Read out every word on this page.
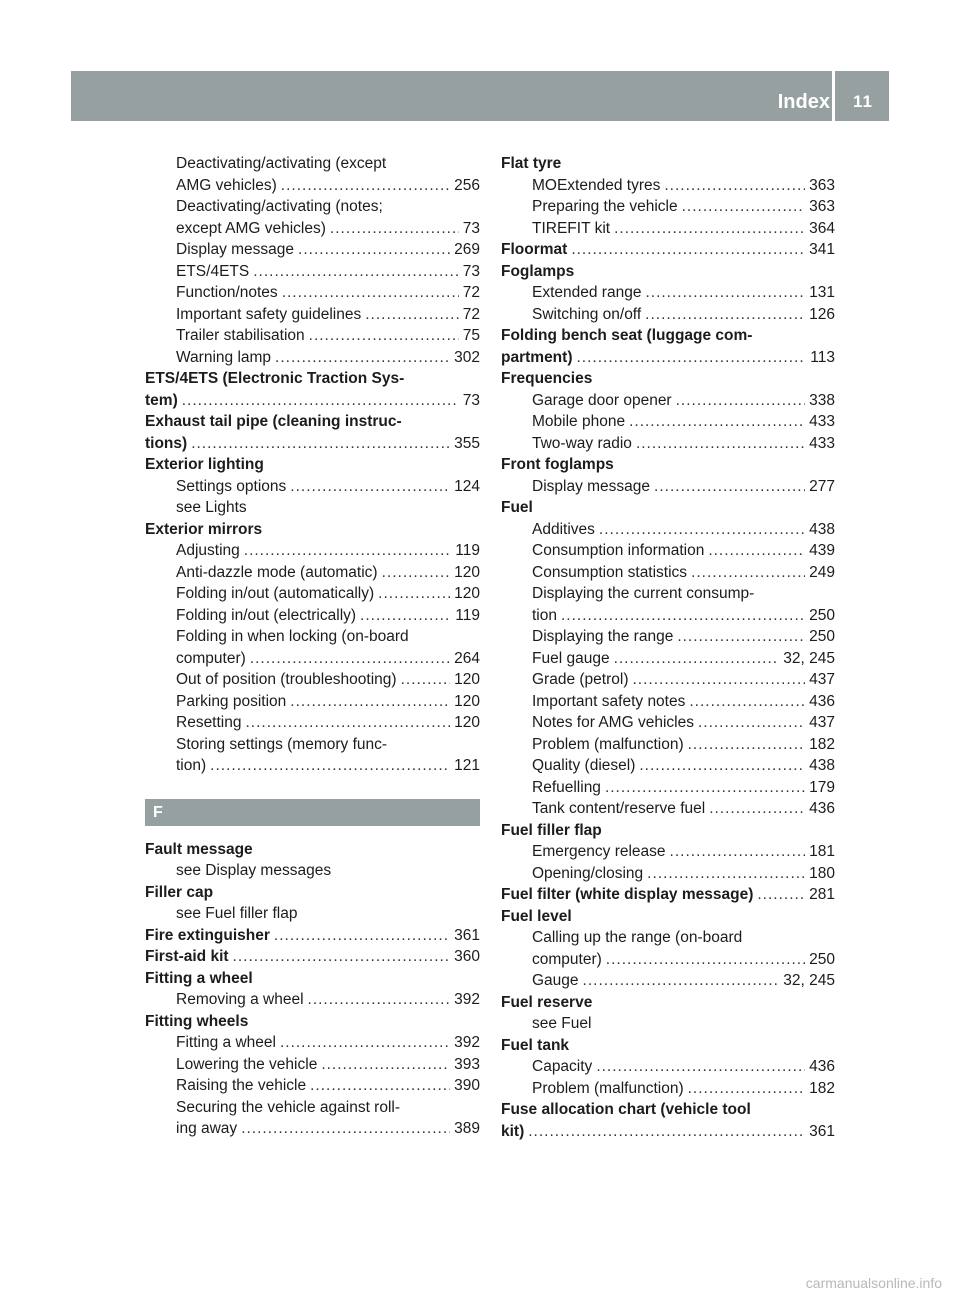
Index	11
Deactivating/activating (except
AMG vehicles) .....	256
Deactivating/activating (notes;
except AMG vehicles) .....	73
Display message .....	269
ETS/4ETS .....	73
Function/notes .....	72
Important safety guidelines .....	72
Trailer stabilisation .....	75
Warning lamp .....	302
ETS/4ETS (Electronic Traction Sys-
tem) .....	73
Exhaust tail pipe (cleaning instruc-
tions) .....	355
Exterior lighting
Settings options .....	124
see Lights
Exterior mirrors
Adjusting .....	119
Anti-dazzle mode (automatic) .....	120
Folding in/out (automatically) .....	120
Folding in/out (electrically) .....	119
Folding in when locking (on-board
computer) .....	264
Out of position (troubleshooting) .....	120
Parking position .....	120
Resetting .....	120
Storing settings (memory func-
tion) .....	121
F
Fault message
see Display messages
Filler cap
see Fuel filler flap
Fire extinguisher .....	361
First-aid kit .....	360
Fitting a wheel
Removing a wheel .....	392
Fitting wheels
Fitting a wheel .....	392
Lowering the vehicle .....	393
Raising the vehicle .....	390
Securing the vehicle against roll-
ing away .....	389
Flat tyre
MOExtended tyres .....	363
Preparing the vehicle .....	363
TIREFIT kit .....	364
Floormat .....	341
Foglamps
Extended range .....	131
Switching on/off .....	126
Folding bench seat (luggage com-
partment) .....	113
Frequencies
Garage door opener .....	338
Mobile phone .....	433
Two-way radio .....	433
Front foglamps
Display message .....	277
Fuel
Additives .....	438
Consumption information .....	439
Consumption statistics .....	249
Displaying the current consump-
tion .....	250
Displaying the range .....	250
Fuel gauge .....	32, 245
Grade (petrol) .....	437
Important safety notes .....	436
Notes for AMG vehicles .....	437
Problem (malfunction) .....	182
Quality (diesel) .....	438
Refuelling .....	179
Tank content/reserve fuel .....	436
Fuel filler flap
Emergency release .....	181
Opening/closing .....	180
Fuel filter (white display message) .....	281
Fuel level
Calling up the range (on-board
computer) .....	250
Gauge .....	32, 245
Fuel reserve
see Fuel
Fuel tank
Capacity .....	436
Problem (malfunction) .....	182
Fuse allocation chart (vehicle tool
kit) .....	361
carmanualsonline.info
